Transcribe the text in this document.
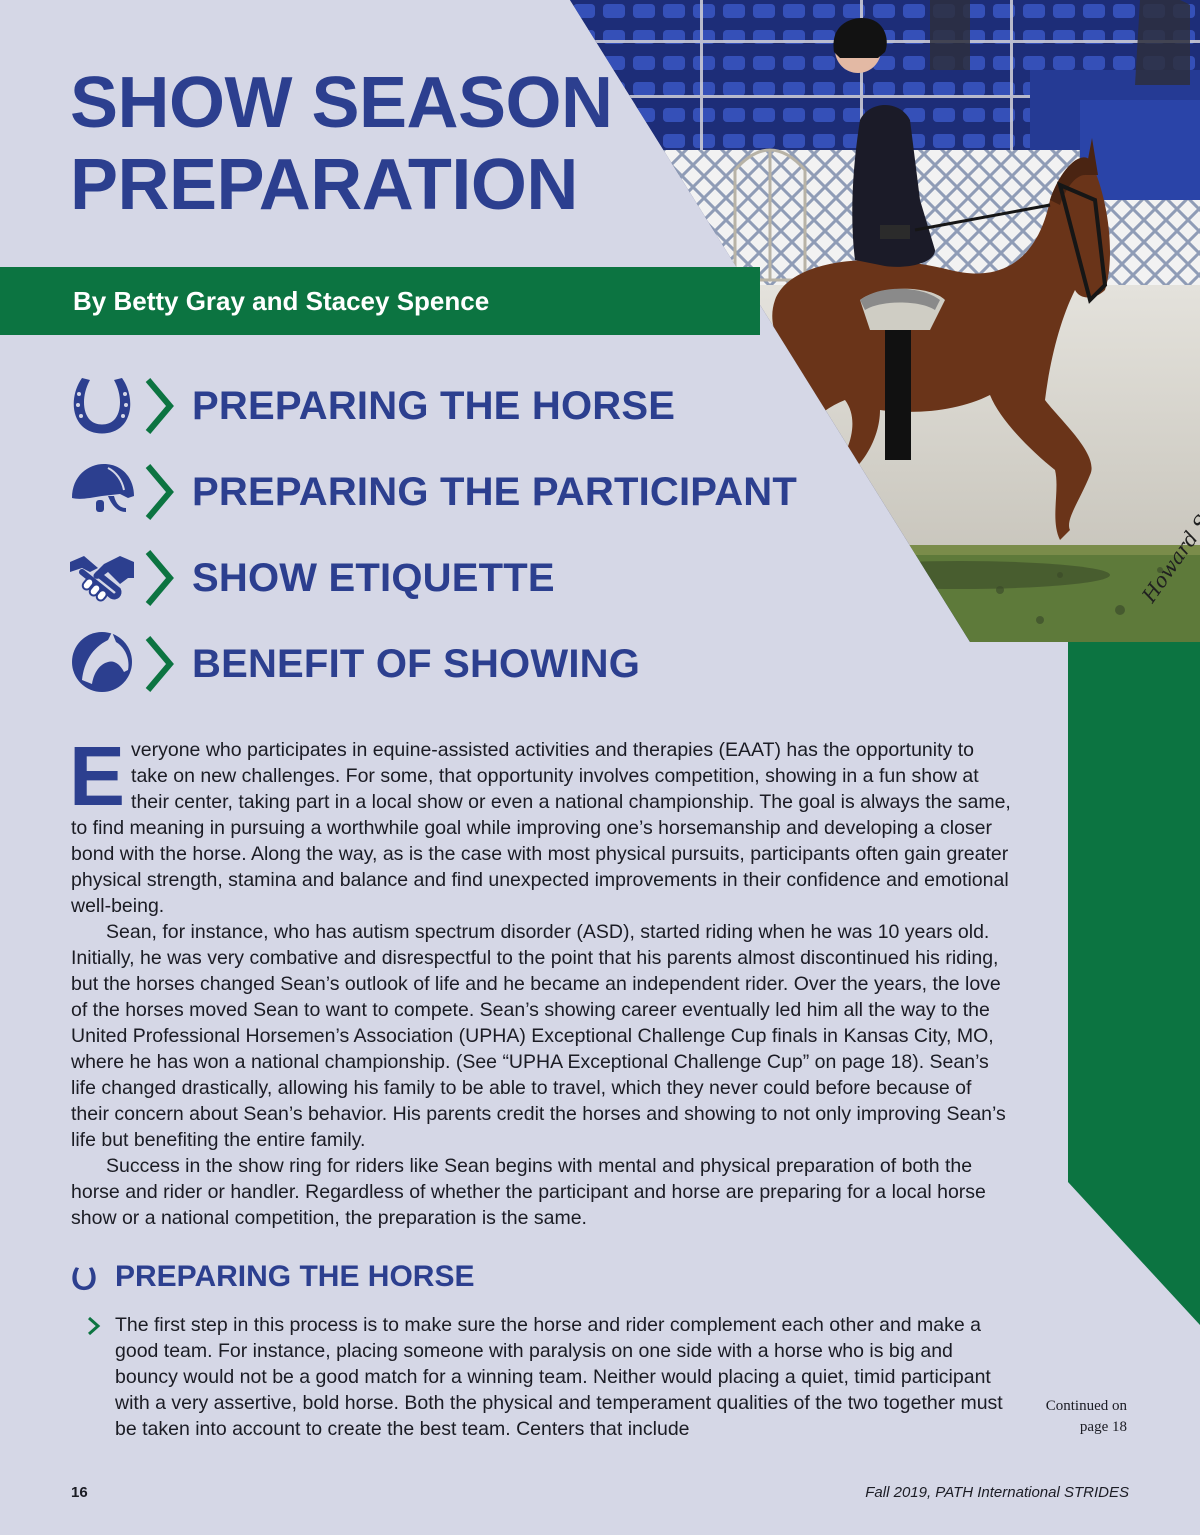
SHOW SEASON
PREPARATION

By Betty Gray and Stacey Spence

PREPARING THE HORSE

PREPARING THE PARTICIPANT

SHOW ETIQUETTE

BENEFIT OF SHOWING

Everyone who participates in equine-assisted activities and therapies (EAAT) has the opportunity to take on new challenges. For some, that opportunity involves competition, showing in a fun show at their center, taking part in a local show or even a national championship. The goal is always the same, to find meaning in pursuing a worthwhile goal while improving one’s horsemanship and developing a closer bond with the horse. Along the way, as is the case with most physical pursuits, participants often gain greater physical strength, stamina and balance and find unexpected improvements in their confidence and emotional well-being.

Sean, for instance, who has autism spectrum disorder (ASD), started riding when he was 10 years old. Initially, he was very combative and disrespectful to the point that his parents almost discontinued his riding, but the horses changed Sean’s outlook of life and he became an independent rider. Over the years, the love of the horses moved Sean to want to compete. Sean’s showing career eventually led him all the way to the United Professional Horsemen’s Association (UPHA) Exceptional Challenge Cup finals in Kansas City, MO, where he has won a national championship. (See “UPHA Exceptional Challenge Cup” on page 18). Sean’s life changed drastically, allowing his family to be able to travel, which they never could before because of their concern about Sean’s behavior. His parents credit the horses and showing to not only improving Sean’s life but benefiting the entire family.

Success in the show ring for riders like Sean begins with mental and physical preparation of both the horse and rider or handler. Regardless of whether the participant and horse are preparing for a local horse show or a national competition, the preparation is the same.

PREPARING THE HORSE

The first step in this process is to make sure the horse and rider complement each other and make a good team. For instance, placing someone with paralysis on one side with a horse who is big and bouncy would not be a good match for a winning team. Neither would placing a quiet, timid participant with a very assertive, bold horse. Both the physical and temperament qualities of the two together must be taken into account to create the best team. Centers that include

Continued on
page 18

16	Fall 2019, PATH International STRIDES
